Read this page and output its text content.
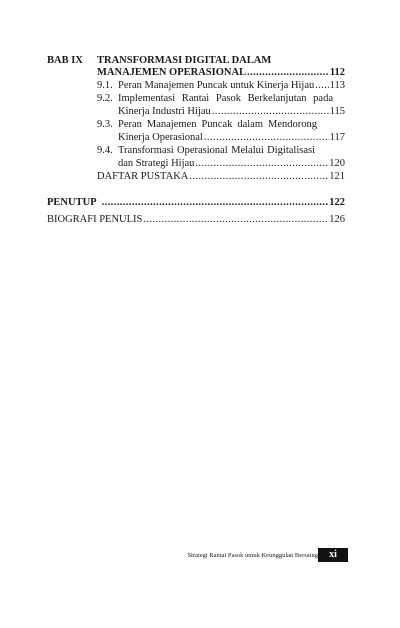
BAB IX TRANSFORMASI DIGITAL DALAM
MANAJEMEN OPERASIONAL .....	112
9.1. Peran Manajemen Puncak untuk Kinerja Hijau ..... 113
9.2. Implementasi Rantai Pasok Berkelanjutan pada
Kinerja Industri Hijau .....	115
9.3. Peran Manajemen Puncak dalam Mendorong
Kinerja Operasional .....	117
9.4. Transformasi Operasional Melalui Digitalisasi
dan Strategi Hijau .....	120
DAFTAR PUSTAKA .....	121
PENUTUP .....	122
BIOGRAFI PENULIS .....	126
Strategi Rantai Pasok untuk Keunggulan Bersaing	xi
